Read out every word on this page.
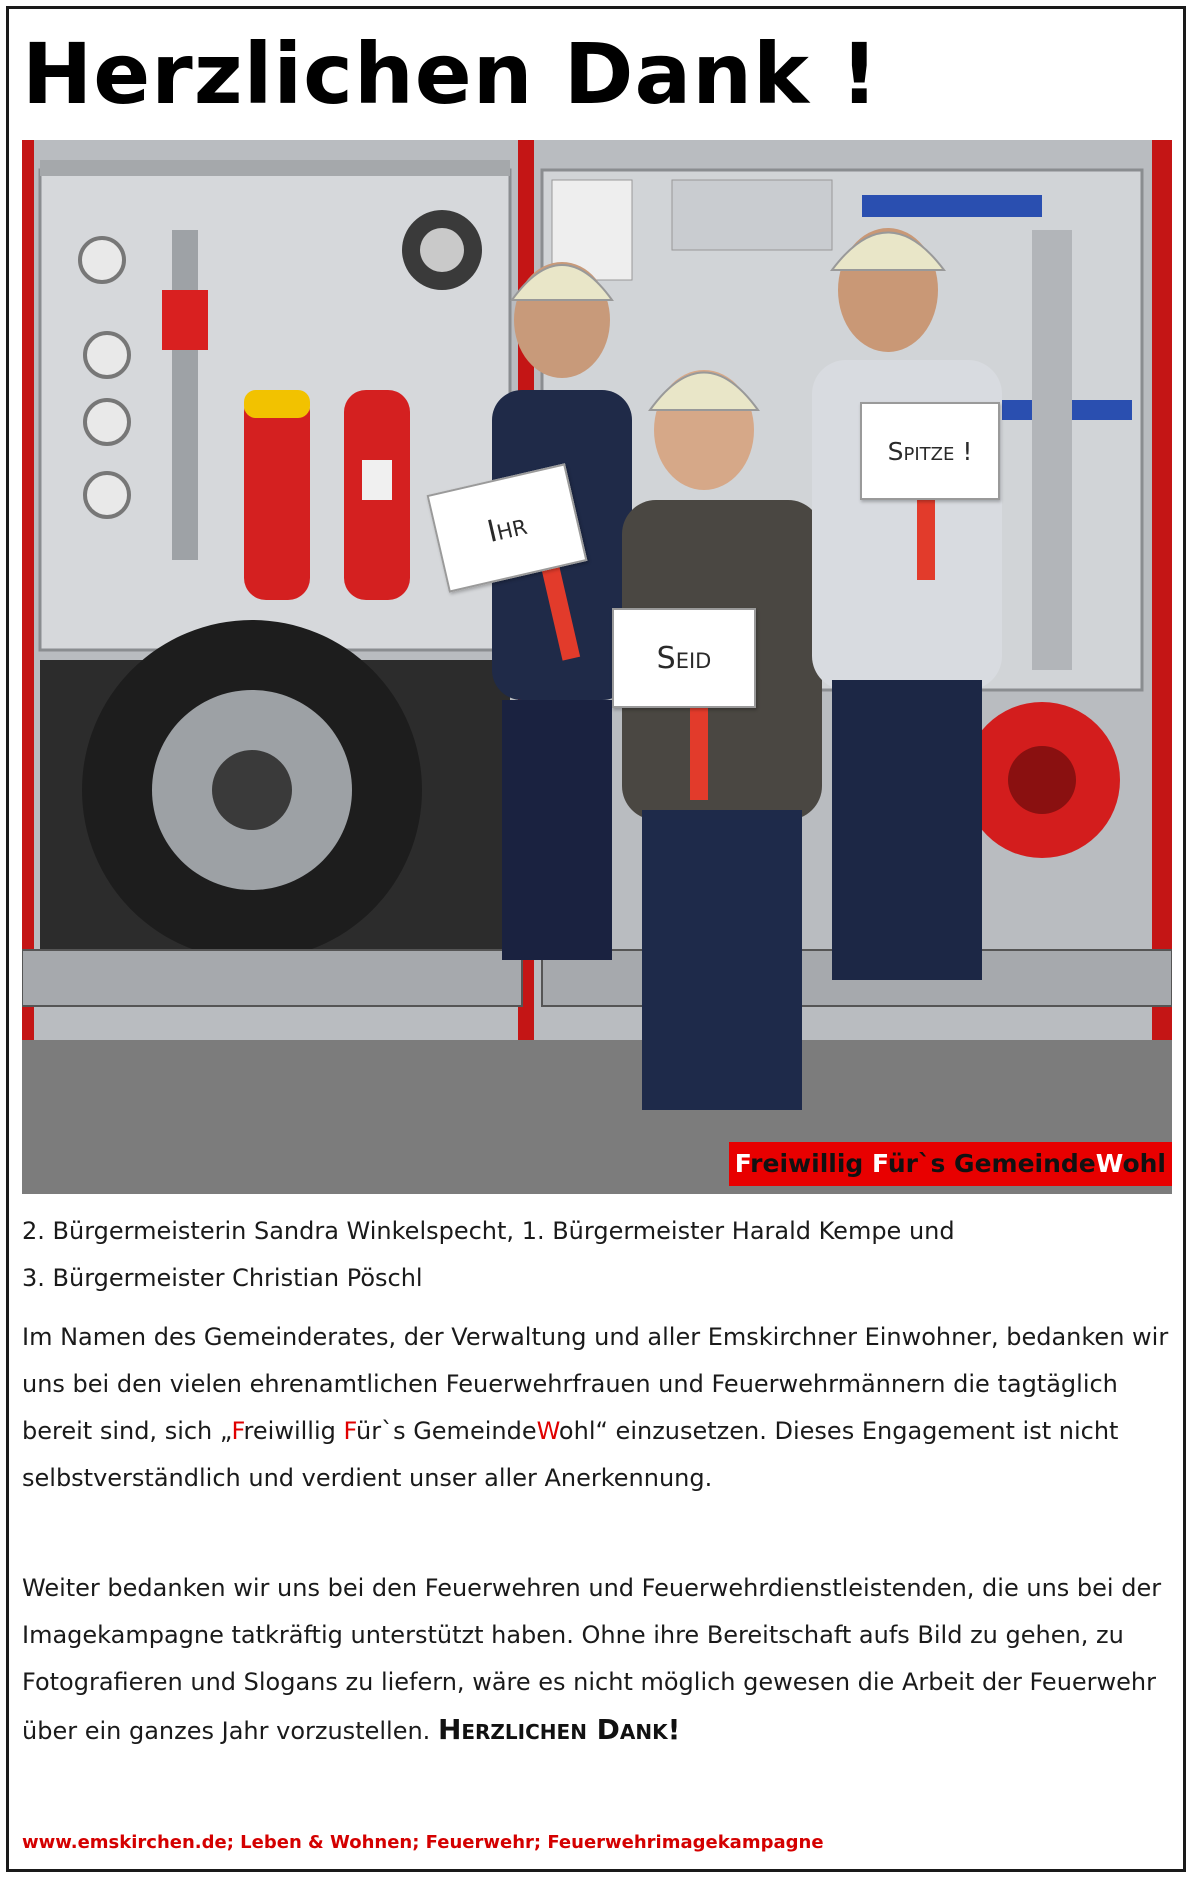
Herzlichen Dank !
Ihr
Seid
Spitze !
Freiwillig Für`s GemeindeWohl

2. Bürgermeisterin Sandra Winkelspecht, 1. Bürgermeister Harald Kempe und
3. Bürgermeister Christian Pöschl

Im Namen des Gemeinderates, der Verwaltung und aller Emskirchner Einwohner, bedanken wir uns bei den vielen ehrenamtlichen Feuerwehrfrauen und Feuerwehrmännern die tagtäglich bereit sind, sich „Freiwillig Für`s GemeindeWohl“ einzusetzen. Dieses Engagement ist nicht selbstverständlich und verdient unser aller Anerkennung.

Weiter bedanken wir uns bei den Feuerwehren und Feuerwehrdienstleistenden, die uns bei der Imagekampagne tatkräftig unterstützt haben. Ohne ihre Bereitschaft aufs Bild zu gehen, zu Fotografieren und Slogans zu liefern, wäre es nicht möglich gewesen die Arbeit der Feuerwehr über ein ganzes Jahr vorzustellen. Herzlichen Dank!

www.emskirchen.de; Leben & Wohnen; Feuerwehr; Feuerwehrimagekampagne
